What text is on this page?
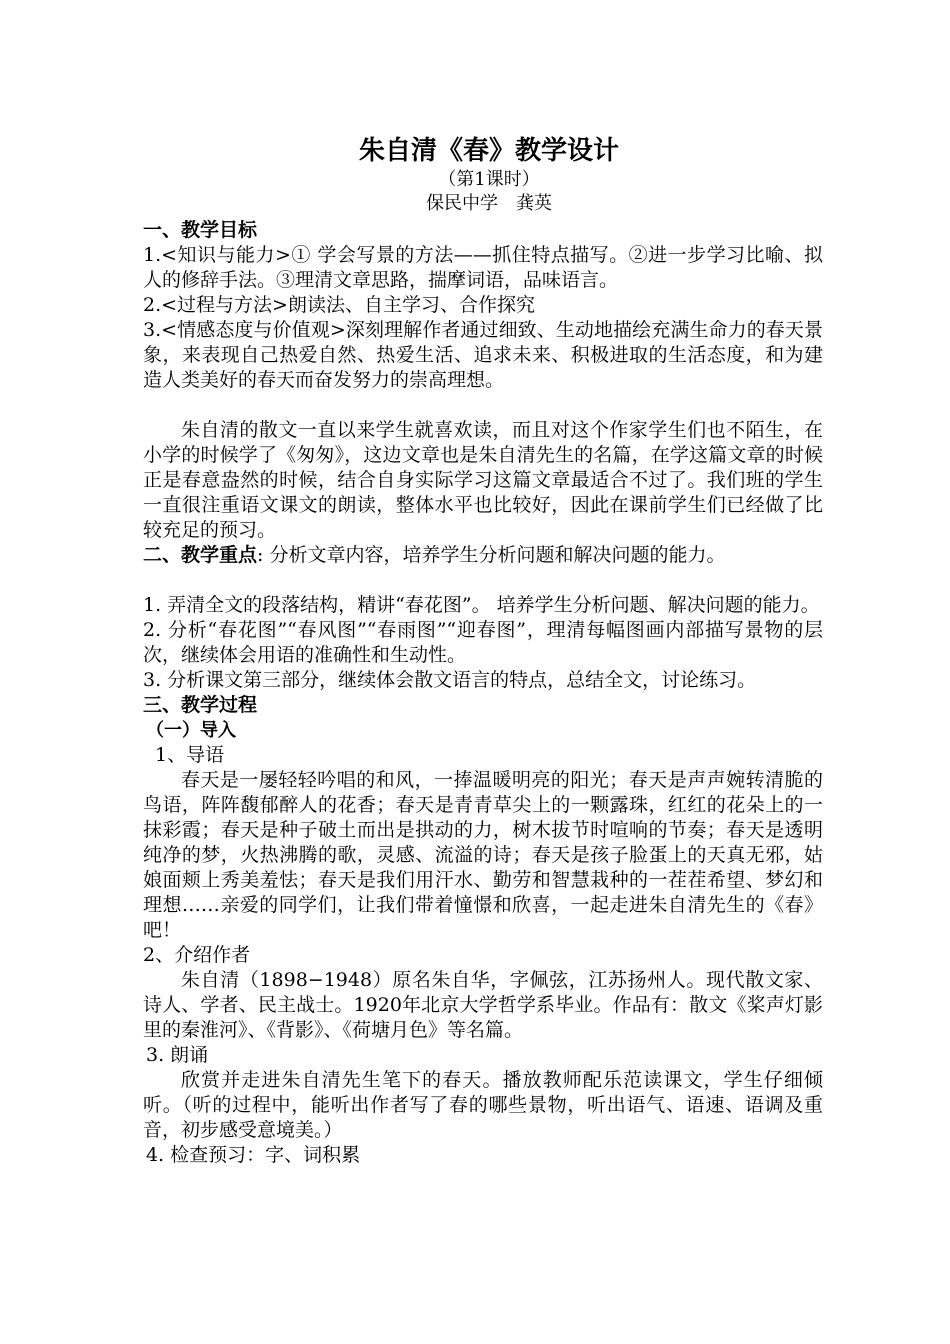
朱自清《春》教学设计

（第1课时）

保民中学　龚英

一、教学目标

1.<知识与能力>① 学会写景的方法——抓住特点描写。②进一步学习比喻、拟人的修辞手法。③理清文章思路，揣摩词语，品味语言。

2.<过程与方法>朗读法、自主学习、合作探究

3.<情感态度与价值观>深刻理解作者通过细致、生动地描绘充满生命力的春天景象，来表现自己热爱自然、热爱生活、追求未来、积极进取的生活态度，和为建造人类美好的春天而奋发努力的崇高理想。

朱自清的散文一直以来学生就喜欢读，而且对这个作家学生们也不陌生，在小学的时候学了《匆匆》，这边文章也是朱自清先生的名篇，在学这篇文章的时候正是春意盎然的时候，结合自身实际学习这篇文章最适合不过了。我们班的学生一直很注重语文课文的朗读，整体水平也比较好，因此在课前学生们已经做了比较充足的预习。

二、教学重点: 分析文章内容，培养学生分析问题和解决问题的能力。

1. 弄清全文的段落结构，精讲“春花图”。 培养学生分析问题、解决问题的能力。

2. 分析“春花图”“春风图”“春雨图”“迎春图”，理清每幅图画内部描写景物的层次，继续体会用语的准确性和生动性。

3. 分析课文第三部分，继续体会散文语言的特点，总结全文，讨论练习。

三、教学过程

（一）导入

1、导语

春天是一屡轻轻吟唱的和风，一捧温暖明亮的阳光；春天是声声婉转清脆的鸟语，阵阵馥郁醉人的花香；春天是青青草尖上的一颗露珠，红红的花朵上的一抹彩霞；春天是种子破土而出是拱动的力，树木拔节时喧响的节奏；春天是透明纯净的梦，火热沸腾的歌，灵感、流溢的诗；春天是孩子脸蛋上的天真无邪，姑娘面颊上秀美羞怯；春天是我们用汗水、勤劳和智慧栽种的一茬茬希望、梦幻和理想……亲爱的同学们，让我们带着憧憬和欣喜，一起走进朱自清先生的《春》吧！

2、介绍作者

朱自清（1898−1948）原名朱自华，字佩弦，江苏扬州人。现代散文家、诗人、学者、民主战士。1920年北京大学哲学系毕业。作品有：散文《桨声灯影里的秦淮河》、《背影》、《荷塘月色》等名篇。

3. 朗诵

欣赏并走进朱自清先生笔下的春天。播放教师配乐范读课文，学生仔细倾听。（听的过程中，能听出作者写了春的哪些景物，听出语气、语速、语调及重音，初步感受意境美。）

4. 检查预习：字、词积累
